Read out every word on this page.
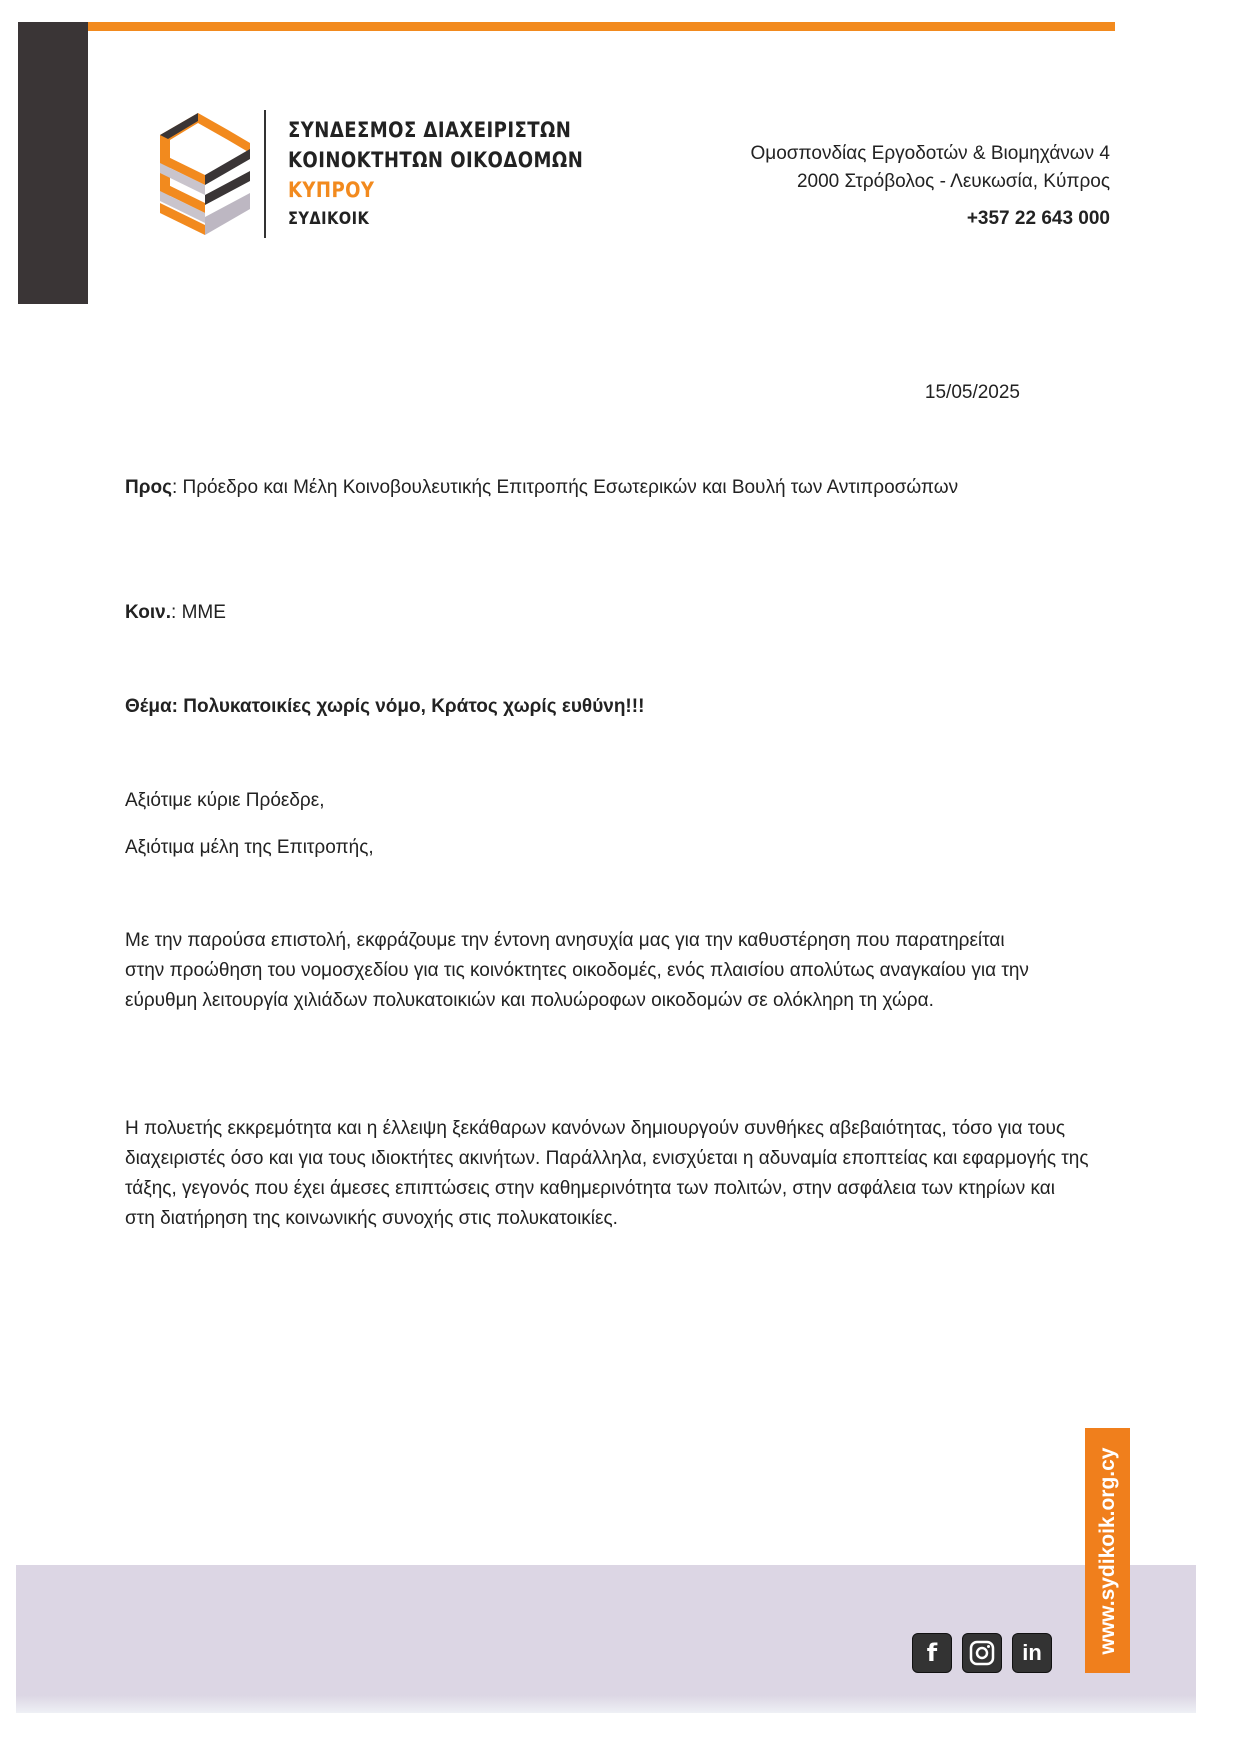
ΣΥΝΔΕΣΜΟΣ ΔΙΑΧΕΙΡΙΣΤΩΝ
ΚΟΙΝΟΚΤΗΤΩΝ ΟΙΚΟΔΟΜΩΝ
ΚΥΠΡΟΥ
ΣΥΔΙΚΟΙΚ
Ομοσπονδίας Εργοδοτών & Βιομηχάνων 4
2000 Στρόβολος - Λευκωσία, Κύπρος
+357 22 643 000
15/05/2025
Προς: Πρόεδρο και Μέλη Κοινοβουλευτικής Επιτροπής Εσωτερικών και Βουλή των Αντιπροσώπων
Κοιν.: ΜΜΕ
Θέμα: Πολυκατοικίες χωρίς νόμο, Κράτος χωρίς ευθύνη!!!
Αξιότιμε κύριε Πρόεδρε,
Αξιότιμα μέλη της Επιτροπής,
Με την παρούσα επιστολή, εκφράζουμε την έντονη ανησυχία μας για την καθυστέρηση που παρατηρείται στην προώθηση του νομοσχεδίου για τις κοινόκτητες οικοδομές, ενός πλαισίου απολύτως αναγκαίου για την εύρυθμη λειτουργία χιλιάδων πολυκατοικιών και πολυώροφων οικοδομών σε ολόκληρη τη χώρα.
Η πολυετής εκκρεμότητα και η έλλειψη ξεκάθαρων κανόνων δημιουργούν συνθήκες αβεβαιότητας, τόσο για τους διαχειριστές όσο και για τους ιδιοκτήτες ακινήτων. Παράλληλα, ενισχύεται η αδυναμία εποπτείας και εφαρμογής της τάξης, γεγονός που έχει άμεσες επιπτώσεις στην καθημερινότητα των πολιτών, στην ασφάλεια των κτηρίων και στη διατήρηση της κοινωνικής συνοχής στις πολυκατοικίες.
www.sydikoik.org.cy
f	in
